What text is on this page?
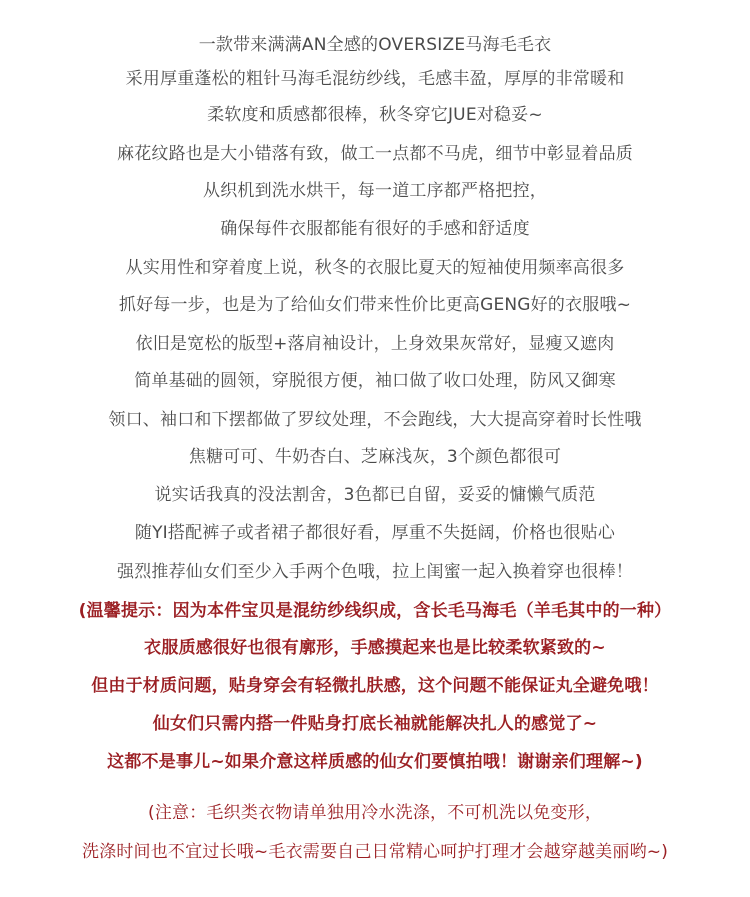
一款带来满满AN全感的OVERSIZE马海毛毛衣
采用厚重蓬松的粗针马海毛混纺纱线，毛感丰盈，厚厚的非常暖和
柔软度和质感都很棒，秋冬穿它JUE对稳妥~
麻花纹路也是大小错落有致，做工一点都不马虎，细节中彰显着品质
从织机到洗水烘干，每一道工序都严格把控，
确保每件衣服都能有很好的手感和舒适度
从实用性和穿着度上说，秋冬的衣服比夏天的短袖使用频率高很多
抓好每一步，也是为了给仙女们带来性价比更高GENG好的衣服哦~
依旧是宽松的版型+落肩袖设计，上身效果灰常好，显瘦又遮肉
简单基础的圆领，穿脱很方便，袖口做了收口处理，防风又御寒
领口、袖口和下摆都做了罗纹处理，不会跑线，大大提高穿着时长性哦
焦糖可可、牛奶杏白、芝麻浅灰，3个颜色都很可
说实话我真的没法割舍，3色都已自留，妥妥的慵懒气质范
随YI搭配裤子或者裙子都很好看，厚重不失挺阔，价格也很贴心
强烈推荐仙女们至少入手两个色哦，拉上闺蜜一起入换着穿也很棒！
(温馨提示：因为本件宝贝是混纺纱线织成，含长毛马海毛（羊毛其中的一种）
衣服质感很好也很有廓形，手感摸起来也是比较柔软紧致的~
但由于材质问题，贴身穿会有轻微扎肤感，这个问题不能保证丸全避免哦！
仙女们只需内搭一件贴身打底长袖就能解决扎人的感觉了~
这都不是事儿~如果介意这样质感的仙女们要慎拍哦！谢谢亲们理解~)
(注意：毛织类衣物请单独用冷水洗涤，不可机洗以免变形，
洗涤时间也不宜过长哦~毛衣需要自己日常精心呵护打理才会越穿越美丽哟~)
